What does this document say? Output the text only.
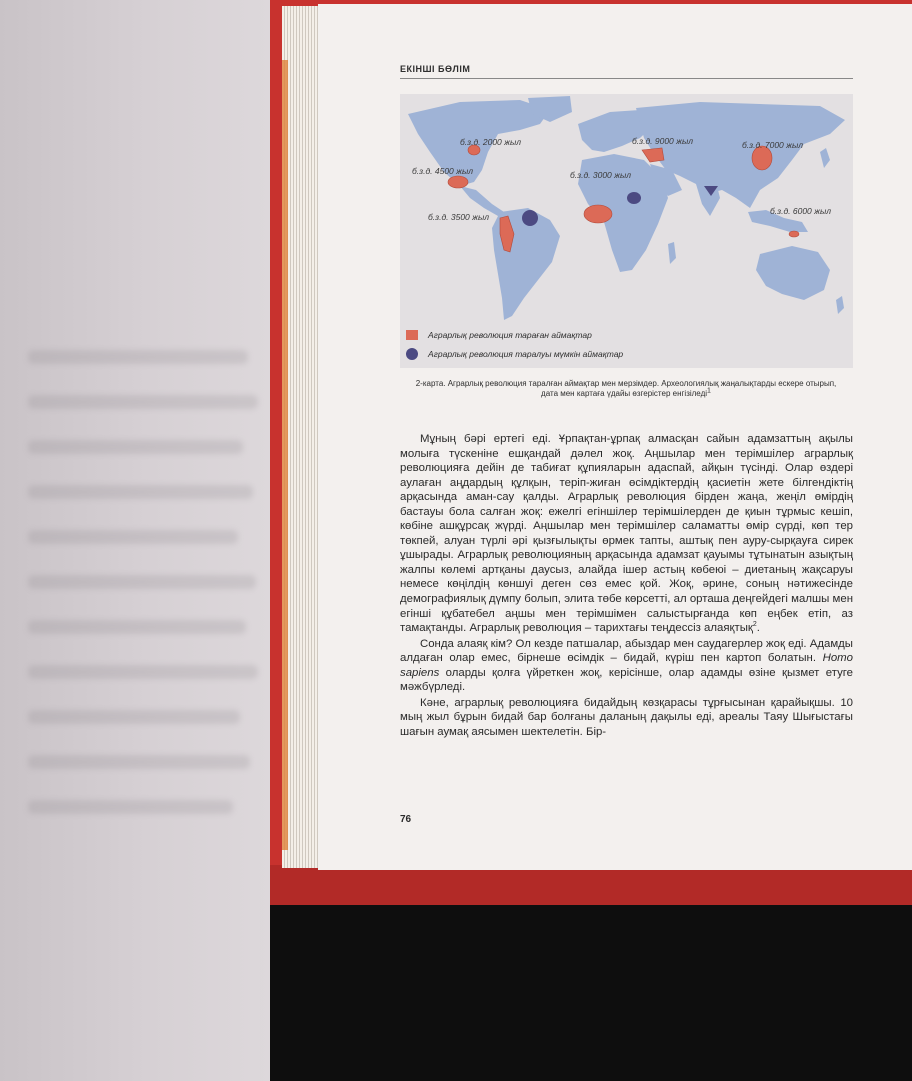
ЕКІНШІ БӨЛІМ
б.з.д. 2000 жыл
б.з.д. 4500 жыл
б.з.д. 3500 жыл
б.з.д. 9000 жыл
б.з.д. 3000 жыл
б.з.д. 7000 жыл
б.з.д. 6000 жыл
Аграрлық революция тараған аймақтар
Аграрлық революция таралуы мүмкін аймақтар
2-карта. Аграрлық революция таралған аймақтар мен мерзімдер. Археологиялық жаңалықтарды ескере отырып, дата мен картаға үдайы өзгерістер енгізіледі$^1$

Мұның бәрі ертегі еді. Ұрпақтан-ұрпақ алмасқан сайын адамзаттың ақылы молыға түскеніне ешқандай дәлел жоқ. Аңшылар мен терімшілер аграрлық революцияға дейін де табиғат құпияларын адаспай, айқын түсінді. Олар өздері аулаған аңдардың құлқын, теріп-жиған өсімдіктердің қасиетін жете білгендіктің арқасында аман-сау қалды. Аграрлық революция бірден жаңа, жеңіл өмірдің бастауы бола салған жоқ: ежелгі егіншілер терімшілерден де қиын тұрмыс кешіп, көбіне ашқұрсақ жүрді. Аңшылар мен терімшілер саламатты өмір сүрді, көп тер төкпей, алуан түрлі әрі қызғылықты өрмек тапты, аштық пен ауру-сырқауға сирек ұшырады. Аграрлық революцияның арқасында адамзат қауымы тұтынатын азықтың жалпы көлемі артқаны даусыз, алайда ішер астың көбеюі – диетаның жақсаруы немесе көңілдің көншуі деген сөз емес қой. Жоқ, әрине, соның нәтижесінде демографиялық дүмпу болып, элита төбе көрсетті, ал орташа деңгейдегі малшы мен егінші құбатебел аңшы мен терімшімен салыстырғанда көп еңбек етіп, аз тамақтанды. Аграрлық революция – тарихтағы теңдессіз алаяқтық$^2$.

Сонда алаяқ кім? Ол кезде патшалар, абыздар мен саудагерлер жоқ еді. Адамды алдаған олар емес, бірнеше өсімдік – бидай, күріш пен картоп болатын. Homo sapiens оларды қолға үйреткен жоқ, керісінше, олар адамды өзіне қызмет етуге мәжбүрледі.

Кәне, аграрлық революцияға бидайдың көзқарасы тұрғысынан қарайықшы. 10 мың жыл бұрын бидай бар болғаны даланың дақылы еді, ареалы Таяу Шығыстағы шағын аумақ аясымен шектелетін. Бір-

76
